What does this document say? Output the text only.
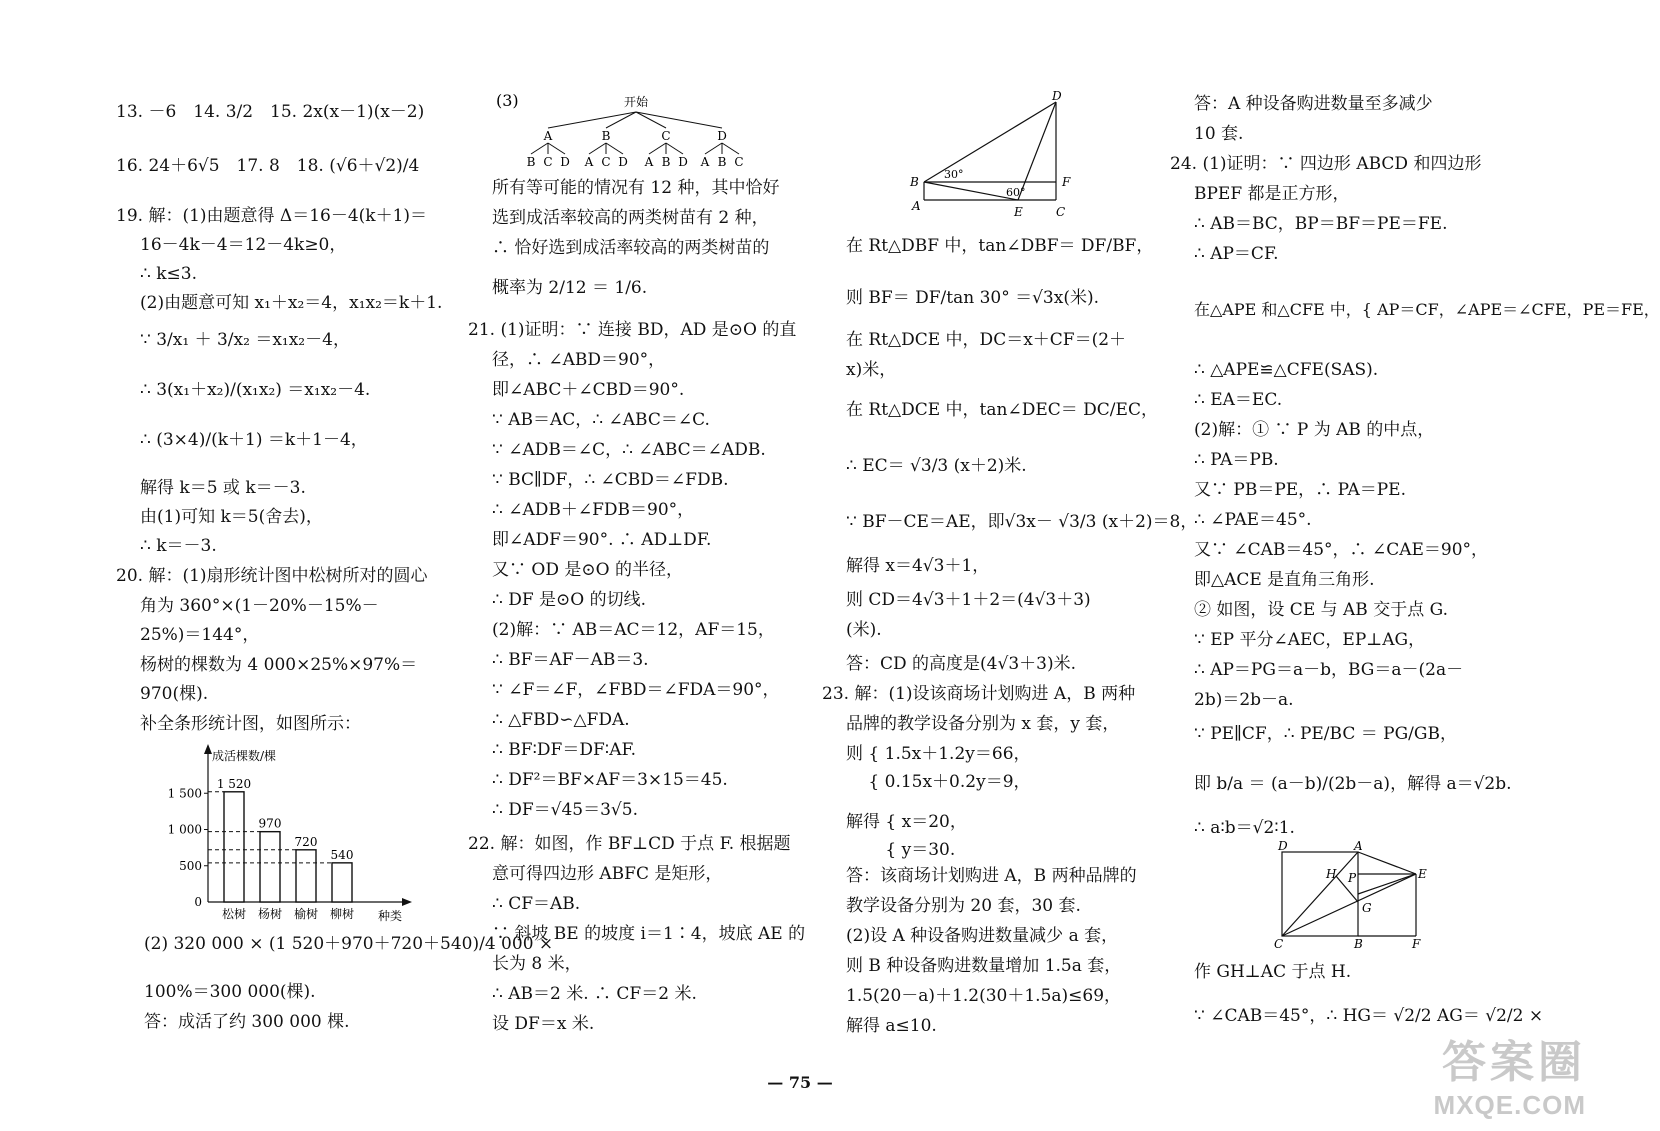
13. －6　14. 3/2　15. 2x(x－1)(x－2)
16. 24＋6√5　17. 8　18. (√6＋√2)/4
19. 解：(1)由题意得 Δ＝16－4(k＋1)＝
16－4k－4＝12－4k≥0，
∴ k≤3.
(2)由题意可知 x₁＋x₂＝4，x₁x₂＝k＋1.
∵ 3/x₁ ＋ 3/x₂ ＝x₁x₂－4，
∴ 3(x₁＋x₂)/(x₁x₂) ＝x₁x₂－4.
∴ (3×4)/(k＋1) ＝k＋1－4，
解得 k＝5 或 k＝－3.
由(1)可知 k＝5(舍去)，
∴ k＝－3.
20. 解：(1)扇形统计图中松树所对的圆心
角为 360°×(1－20%－15%－
25%)＝144°，
杨树的棵数为 4 000×25%×97%＝
970(棵).
补全条形统计图，如图所示：
成活棵数/棵
种类
0
500
1 000
1 500
1 520
松树
970
杨树
720
榆树
540
柳树
(2) 320 000 × (1 520＋970＋720＋540)/4 000 ×
100%＝300 000(棵).
答：成活了约 300 000 棵.
(3)	开始
A
B C D
B
A C D
C
A B D
D
A B C
所有等可能的情况有 12 种，其中恰好
选到成活率较高的两类树苗有 2 种，
∴ 恰好选到成活率较高的两类树苗的
概率为 2/12 ＝ 1/6.
21. (1)证明：∵ 连接 BD，AD 是⊙O 的直
径，∴ ∠ABD＝90°，
即∠ABC＋∠CBD＝90°.
∵ AB＝AC，∴ ∠ABC＝∠C.
∵ ∠ADB＝∠C，∴ ∠ABC＝∠ADB.
∵ BC∥DF，∴ ∠CBD＝∠FDB.
∴ ∠ADB＋∠FDB＝90°，
即∠ADF＝90°. ∴ AD⊥DF.
又∵ OD 是⊙O 的半径，
∴ DF 是⊙O 的切线.
(2)解：∵ AB＝AC＝12，AF＝15，
∴ BF＝AF－AB＝3.
∵ ∠F＝∠F，∠FBD＝∠FDA＝90°，
∴ △FBD∽△FDA.
∴ BF∶DF＝DF∶AF.
∴ DF²＝BF×AF＝3×15＝45.
∴ DF＝√45＝3√5.
22. 解：如图，作 BF⊥CD 于点 F. 根据题
意可得四边形 ABFC 是矩形，
∴ CF＝AB.
∵ 斜坡 BE 的坡度 i＝1∶4，坡底 AE 的
长为 8 米，
∴ AB＝2 米. ∴ CF＝2 米.
设 DF＝x 米.
D
B	F
A	E	C
30°
60°
在 Rt△DBF 中，tan∠DBF＝ DF/BF，
则 BF＝ DF/tan 30° ＝√3x(米).
在 Rt△DCE 中，DC＝x＋CF＝(2＋
x)米，
在 Rt△DCE 中，tan∠DEC＝ DC/EC，
∴ EC＝ √3/3 (x＋2)米.
∵ BF－CE＝AE，即√3x－ √3/3 (x＋2)＝8，
解得 x＝4√3＋1，
则 CD＝4√3＋1＋2＝(4√3＋3)
(米).
答：CD 的高度是(4√3＋3)米.
23. 解：(1)设该商场计划购进 A，B 两种
品牌的教学设备分别为 x 套，y 套，
则 { 1.5x＋1.2y＝66，
　 { 0.15x＋0.2y＝9，
解得 { x＝20，
　　 { y＝30.
答：该商场计划购进 A，B 两种品牌的
教学设备分别为 20 套，30 套.
(2)设 A 种设备购进数量减少 a 套，
则 B 种设备购进数量增加 1.5a 套，
1.5(20－a)＋1.2(30＋1.5a)≤69，
解得 a≤10.
答：A 种设备购进数量至多减少
10 套.
24. (1)证明：∵ 四边形 ABCD 和四边形
BPEF 都是正方形，
∴ AB＝BC，BP＝BF＝PE＝FE.
∴ AP＝CF.
在△APE 和△CFE 中，{ AP＝CF，∠APE＝∠CFE，PE＝FE，
∴ △APE≌△CFE(SAS).
∴ EA＝EC.
(2)解：① ∵ P 为 AB 的中点，
∴ PA＝PB.
又∵ PB＝PE，∴ PA＝PE.
∴ ∠PAE＝45°.
又∵ ∠CAB＝45°，∴ ∠CAE＝90°，
即△ACE 是直角三角形.
② 如图，设 CE 与 AB 交于点 G.
∵ EP 平分∠AEC，EP⊥AG，
∴ AP＝PG＝a－b，BG＝a－(2a－
2b)＝2b－a.
∵ PE∥CF，∴ PE/BC ＝ PG/GB，
即 b/a ＝ (a－b)/(2b－a)，解得 a＝√2b.
∴ a∶b＝√2∶1.
D	A
H P	E
G
C	B	F
作 GH⊥AC 于点 H.
∵ ∠CAB＝45°，∴ HG＝ √2/2 AG＝ √2/2 ×
— 75 —	答案圈
MXQE.COM
